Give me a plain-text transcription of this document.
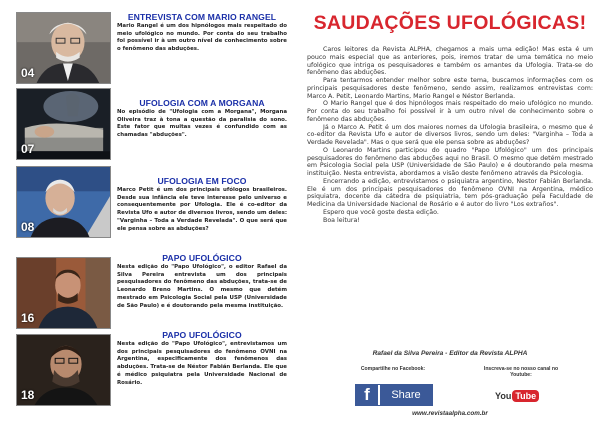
04
ENTREVISTA COM MARIO RANGEL
Mario Rangel é um dos hipnólogos mais respeitado do meio ufológico no mundo. Por conta do seu trabalho foi possível ir à um outro nível de conhecimento sobre o fenômeno das abduções.
07
UFOLOGIA COM A MORGANA
No episódio de "Ufologia com a Morgana", Morgana Oliveira traz à tona a questão da paralisia do sono. Este fator que muitas vezes é confundido com as chamadas "abduções".
08
UFOLOGIA EM FOCO
Marco Petit é um dos principais ufólogos brasileiros. Desde sua infância ele teve interesse pelo universo e consequentemente por Ufologia. Ele é co-editor da Revista Ufo e autor de diversos livros, sendo um deles: "Varginha – Toda a Verdade Revelada". O que será que ele pensa sobre as abduções?
16
PAPO UFOLÓGICO
Nesta edição do "Papo Ufológico", o editor Rafael da Silva Pereira entrevista um dos principais pesquisadores do fenômeno das abduções, trata-se de Leonardo Breno Martins. O mesmo que detém mestrado em Psicologia Social pela USP (Universidade de São Paulo) e é doutorando pela mesma instituição.
18
PAPO UFOLÓGICO
Nesta edição do "Papo Ufológico", entrevistamos um dos principais pesquisadores do fenômeno OVNI na Argentina, especificamente dos fenômenos das abduções. Trata-se de Néstor Fabián Berlanda. Ele que é médico psiquiatra pela Universidade Nacional de Rosário.
SAUDAÇÕES UFOLÓGICAS!

Caros leitores da Revista ALPHA, chegamos a mais uma edição! Mas esta é um pouco mais especial que as anteriores, pois, iremos tratar de uma temática no meio ufológico que intriga os pesquisadores e também os amantes da Ufologia. Trata-se do fenômeno das abduções.

Para tentarmos entender melhor sobre este tema, buscamos informações com os principais pesquisadores deste fenômeno, sendo assim, realizamos entrevistas com: Marco A. Petit, Leonardo Martins, Mario Rangel e Néstor Berlanda.

O Mario Rangel que é dos hipnólogos mais respeitado do meio ufológico no mundo. Por conta do seu trabalho foi possível ir à um outro nível de conhecimento sobre o fenômeno das abduções.

Já o Marco A. Petit é um dos maiores nomes da Ufologia brasileira, o mesmo que é co-editor da Revista Ufo e autor de diversos livros, sendo um deles: "Varginha – Toda a Verdade Revelada". Mas o que será que ele pensa sobre as abduções?

O Leonardo Martins participou do quadro "Papo Ufológico" um dos principais pesquisadores do fenômeno das abduções aqui no Brasil. O mesmo que detém mestrado em Psicologia Social pela USP (Universidade de São Paulo) e é doutorando pela mesma instituição. Nesta entrevista, abordamos a visão deste fenômeno através da Psicologia.

Encerrando a edição, entrevistamos o psiquiatra argentino, Nestor Fabián Berlanda. Ele é um dos principais pesquisadores do fenômeno OVNI na Argentina, médico psiquiatra, docente da cátedra de psiquiatria, tem pós-graduação pela Faculdade de Medicina da Universidade Nacional de Rosário e é autor do livro "Los extraños".

Espero que você goste desta edição.

Boa leitura!

Rafael da Silva Pereira - Editor da Revista ALPHA
Compartilhe no Facebook:	Inscreva-se no nosso canal no Youtube:
f	Share	You Tube
www.revistaalpha.com.br
